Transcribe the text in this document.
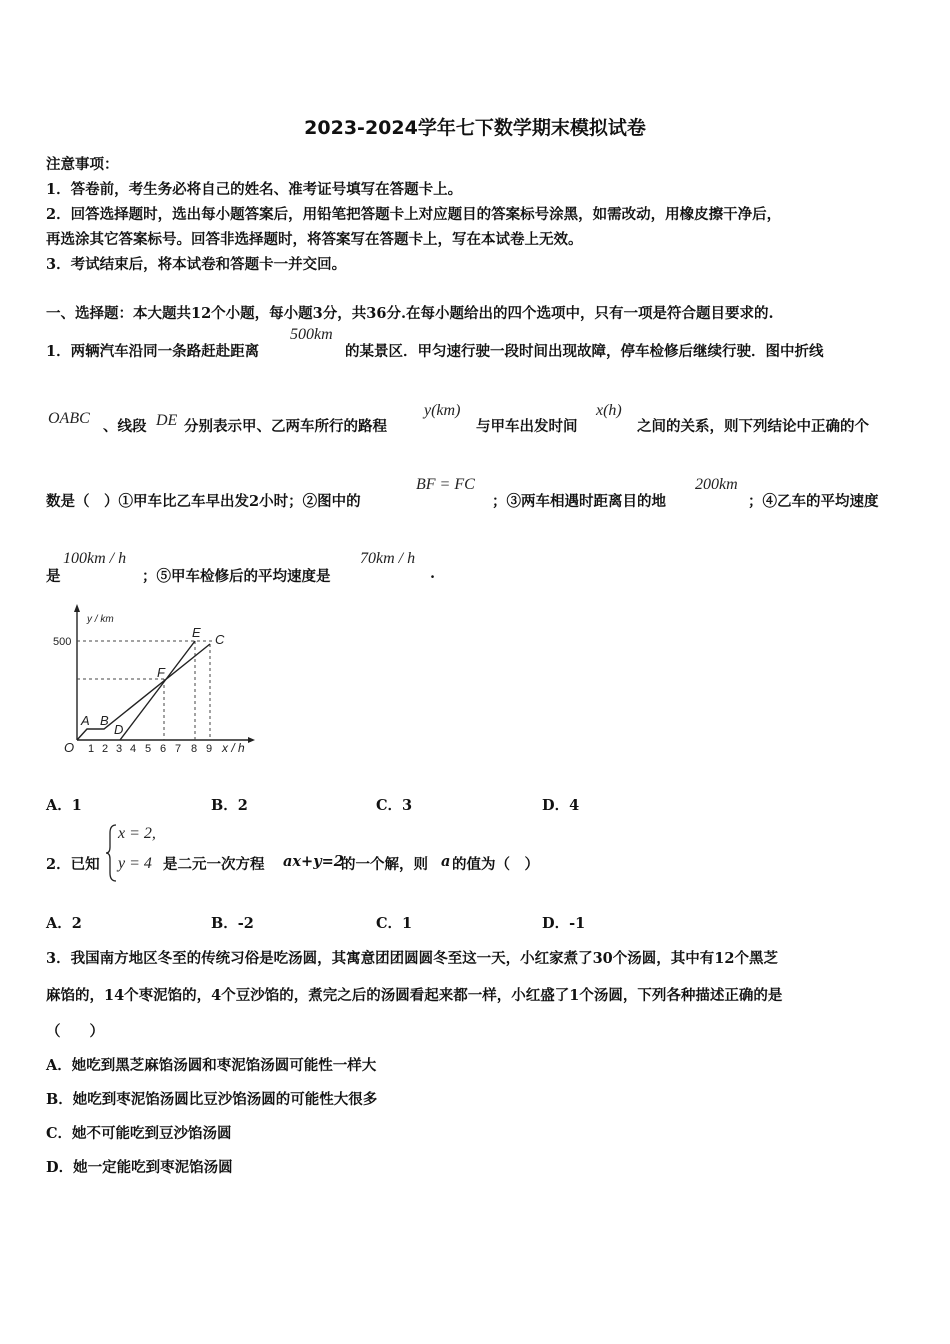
2023-2024学年七下数学期末模拟试卷
注意事项：
1．答卷前，考生务必将自己的姓名、准考证号填写在答题卡上。
2．回答选择题时，选出每小题答案后，用铅笔把答题卡上对应题目的答案标号涂黑，如需改动，用橡皮擦干净后，
再选涂其它答案标号。回答非选择题时，将答案写在答题卡上，写在本试卷上无效。
3．考试结束后，将本试卷和答题卡一并交回。
一、选择题：本大题共12个小题，每小题3分，共36分.在每小题给出的四个选项中，只有一项是符合题目要求的.
1．两辆汽车沿同一条路赶赴距离
500km
的某景区．甲匀速行驶一段时间出现故障，停车检修后继续行驶．图中折线
OABC 、线段 DE 分别表示甲、乙两车所行的路程
y(km)
与甲车出发时间
x(h)
之间的关系，则下列结论中正确的个
数是（　）①甲车比乙车早出发2小时；②图中的
BF = FC
；③两车相遇时距离目的地
200km
；④乙车的平均速度
是
100km / h
；⑤甲车检修后的平均速度是
70km / h
.
y / km
500
O 1 2 3 4 5 6 7 8 9 x / h
A B
D
F
E C
A．1	B．2	C．3	D．4
2．已知
x = 2,
y = 4 是二元一次方程 ax+y=2
的一个解，则 a 的值为（　）
A．2	B．-2	C．1	D．-1
3．我国南方地区冬至的传统习俗是吃汤圆，其寓意团团圆圆冬至这一天，小红家煮了30个汤圆，其中有12个黑芝
麻馅的，14个枣泥馅的，4个豆沙馅的，煮完之后的汤圆看起来都一样，小红盛了1个汤圆，下列各种描述正确的是
（　　）
A．她吃到黑芝麻馅汤圆和枣泥馅汤圆可能性一样大
B．她吃到枣泥馅汤圆比豆沙馅汤圆的可能性大很多
C．她不可能吃到豆沙馅汤圆
D．她一定能吃到枣泥馅汤圆
